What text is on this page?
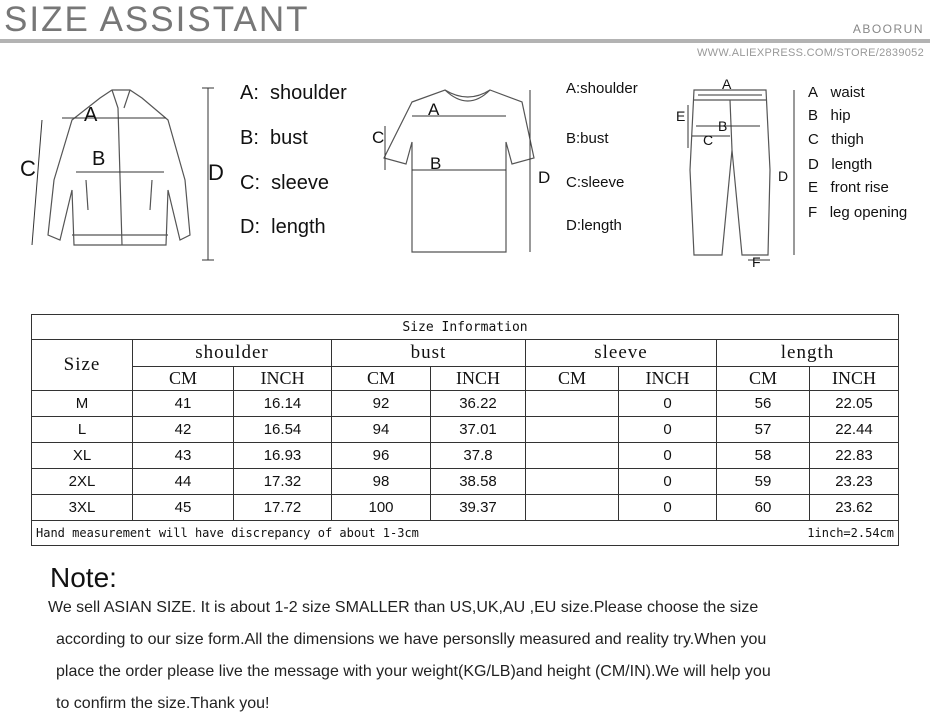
SIZE ASSISTANT	ABOORUN
WWW.ALIEXPRESS.COM/STORE/2839052
A
B
C	D
A: shoulder
B: bust
C: sleeve
D: length
A
B
C
D
A:shoulder
B:bust
C:sleeve
D:length
A
B
C
D
E
F
A waist
B hip
C thigh
D length
E front rise
F leg opening
Size Information								
Size	shoulder		bust		sleeve		length	
	CM	INCH	CM	INCH	CM	INCH	CM	INCH
M	41	16.14	92	36.22		0	56	22.05
L	42	16.54	94	37.01		0	57	22.44
XL	43	16.93	96	37.8		0	58	22.83
2XL	44	17.32	98	38.58		0	59	23.23
3XL	45	17.72	100	39.37		0	60	23.62
Hand measurement will have discrepancy of about 1-3cm							1inch=2.54cm	
Note:
We sell ASIAN SIZE. It is about 1-2 size SMALLER than US,UK,AU ,EU size.Please choose the size
according to our size form.All the dimensions we have personslly measured and reality try.When you
place the order please live the message with your weight(KG/LB)and height (CM/IN).We will help you
to confirm the size.Thank you!
